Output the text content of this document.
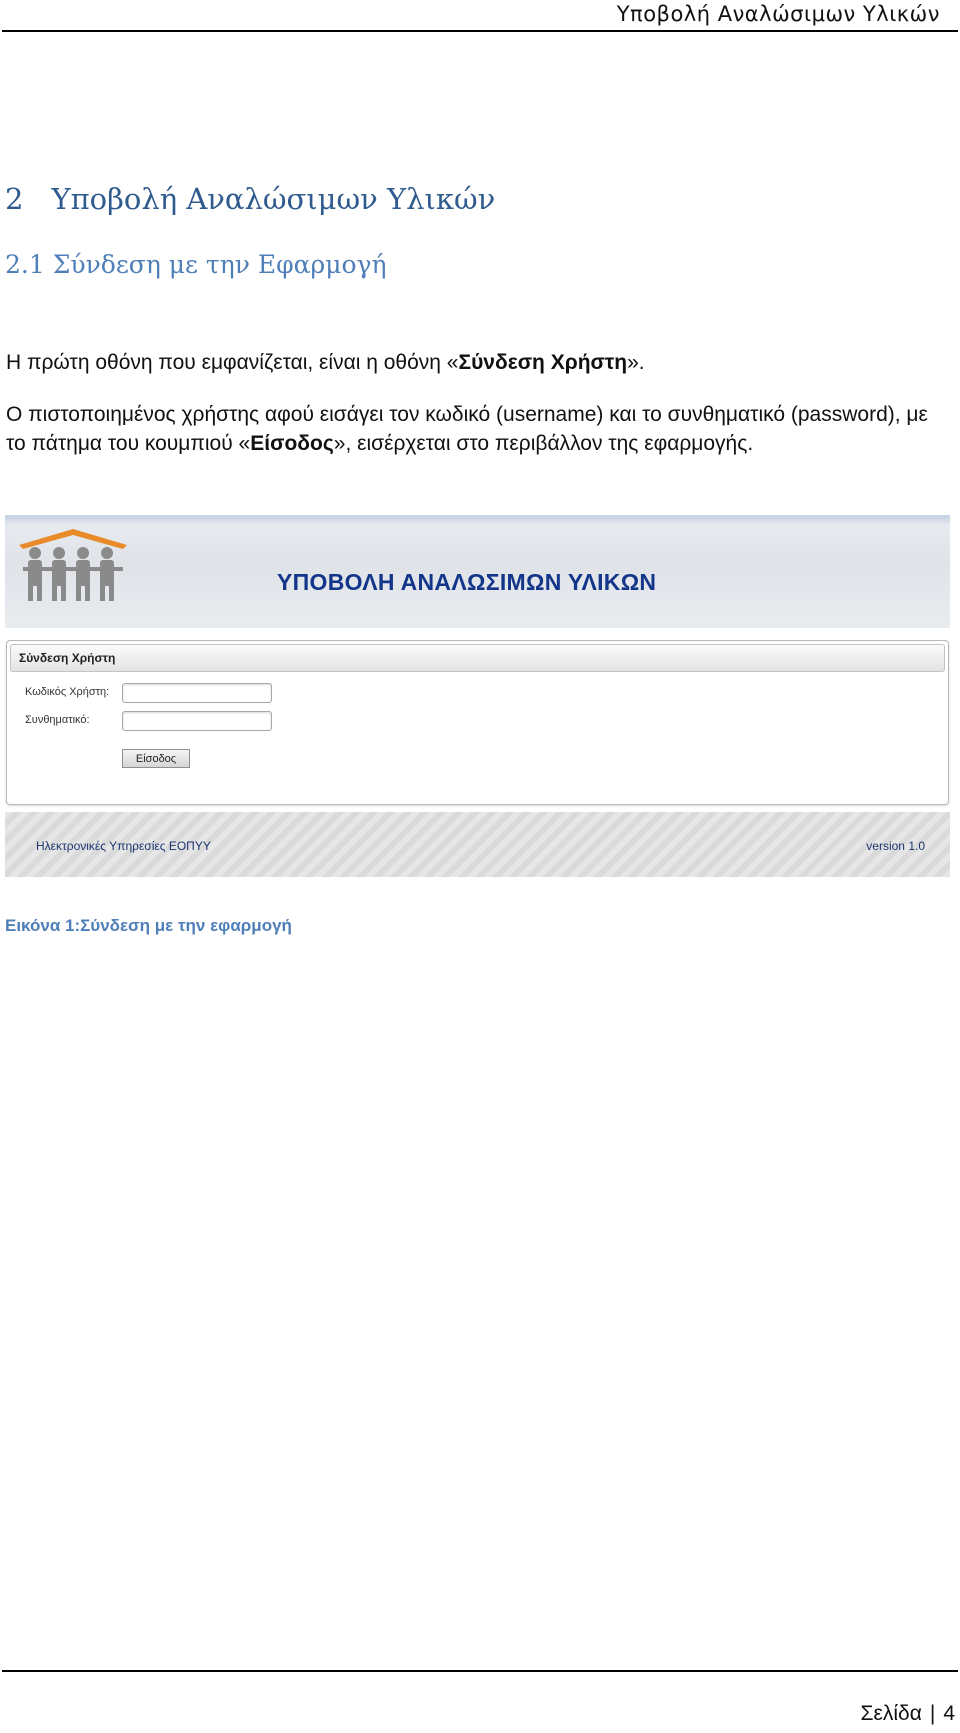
Υποβολή Αναλώσιμων Υλικών
2 Υποβολή Αναλώσιμων Υλικών
2.1 Σύνδεση με την Εφαρμογή
Η πρώτη οθόνη που εμφανίζεται, είναι η οθόνη «Σύνδεση Χρήστη».
Ο πιστοποιημένος χρήστης αφού εισάγει τον κωδικό (username) και το συνθηματικό (password), με το πάτημα του κουμπιού «Είσοδος», εισέρχεται στο περιβάλλον της εφαρμογής.
ΥΠΟΒΟΛΗ ΑΝΑΛΩΣΙΜΩΝ ΥΛΙΚΩΝ
Σύνδεση Χρήστη
Κωδικός Χρήστη:
Συνθηματικό:
Είσοδος
Ηλεκτρονικές Υπηρεσίες ΕΟΠΥΥ	version 1.0
Εικόνα 1:Σύνδεση με την εφαρμογή
Σελίδα | 4
